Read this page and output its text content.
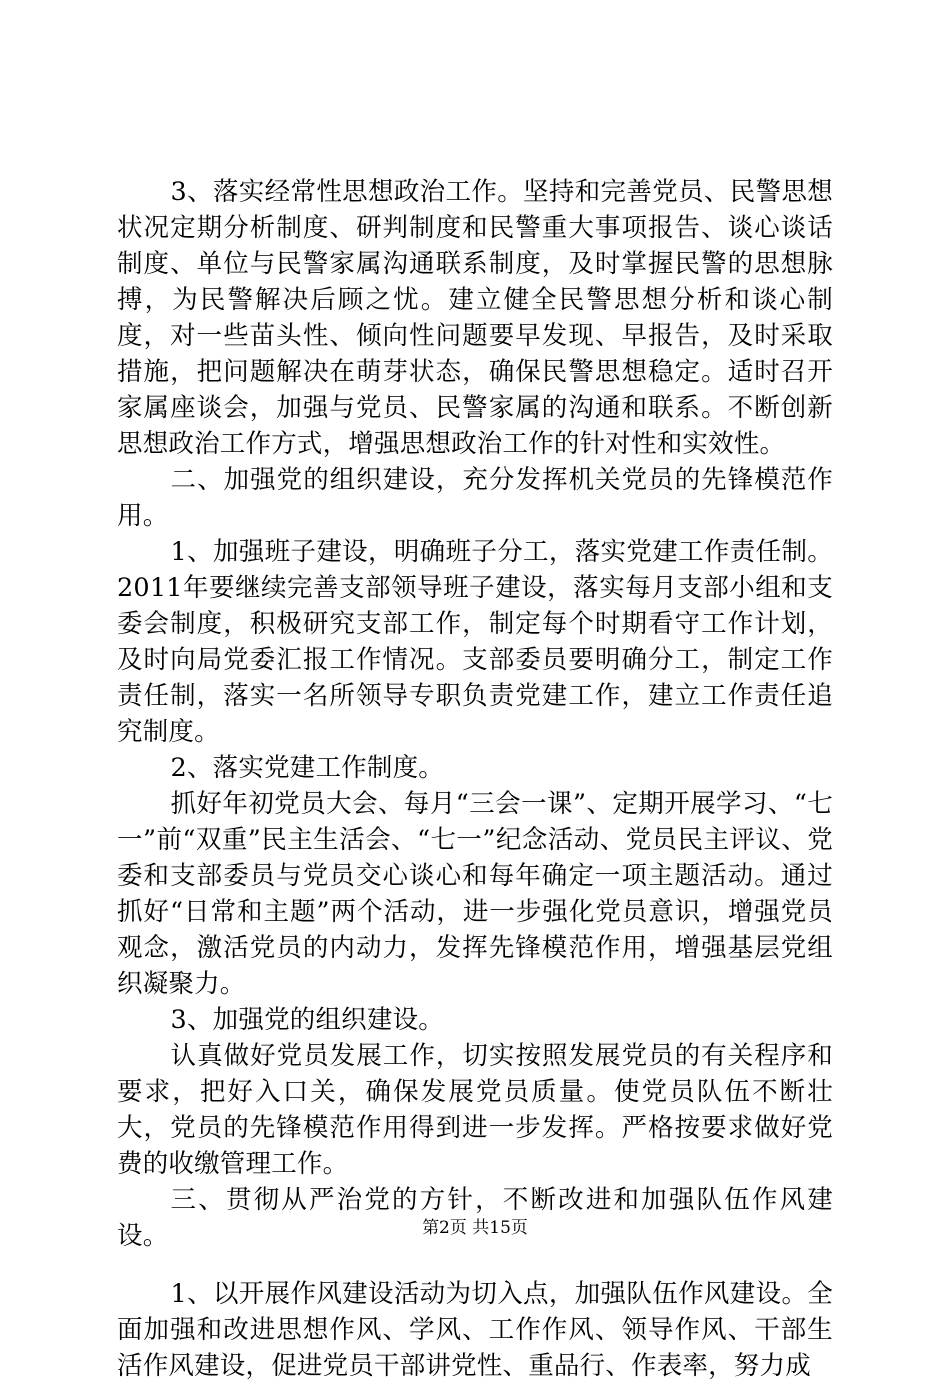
3、落实经常性思想政治工作。坚持和完善党员、民警思想状况定期分析制度、研判制度和民警重大事项报告、谈心谈话制度、单位与民警家属沟通联系制度，及时掌握民警的思想脉搏，为民警解决后顾之忧。建立健全民警思想分析和谈心制度，对一些苗头性、倾向性问题要早发现、早报告，及时采取措施，把问题解决在萌芽状态，确保民警思想稳定。适时召开家属座谈会，加强与党员、民警家属的沟通和联系。不断创新思想政治工作方式，增强思想政治工作的针对性和实效性。

二、加强党的组织建设，充分发挥机关党员的先锋模范作用。

1、加强班子建设，明确班子分工，落实党建工作责任制。2011年要继续完善支部领导班子建设，落实每月支部小组和支委会制度，积极研究支部工作，制定每个时期看守工作计划，及时向局党委汇报工作情况。支部委员要明确分工，制定工作责任制，落实一名所领导专职负责党建工作，建立工作责任追究制度。

2、落实党建工作制度。

抓好年初党员大会、每月“三会一课”、定期开展学习、“七一”前“双重”民主生活会、“七一”纪念活动、党员民主评议、党委和支部委员与党员交心谈心和每年确定一项主题活动。通过抓好“日常和主题”两个活动，进一步强化党员意识，增强党员观念，激活党员的内动力，发挥先锋模范作用，增强基层党组织凝聚力。

3、加强党的组织建设。

认真做好党员发展工作，切实按照发展党员的有关程序和要求，把好入口关，确保发展党员质量。使党员队伍不断壮大，党员的先锋模范作用得到进一步发挥。严格按要求做好党费的收缴管理工作。

三、贯彻从严治党的方针，不断改进和加强队伍作风建设。

1、以开展作风建设活动为切入点，加强队伍作风建设。全面加强和改进思想作风、学风、工作作风、领导作风、干部生活作风建设，促进党员干部讲党性、重品行、作表率，努力成

第2页 共15页
